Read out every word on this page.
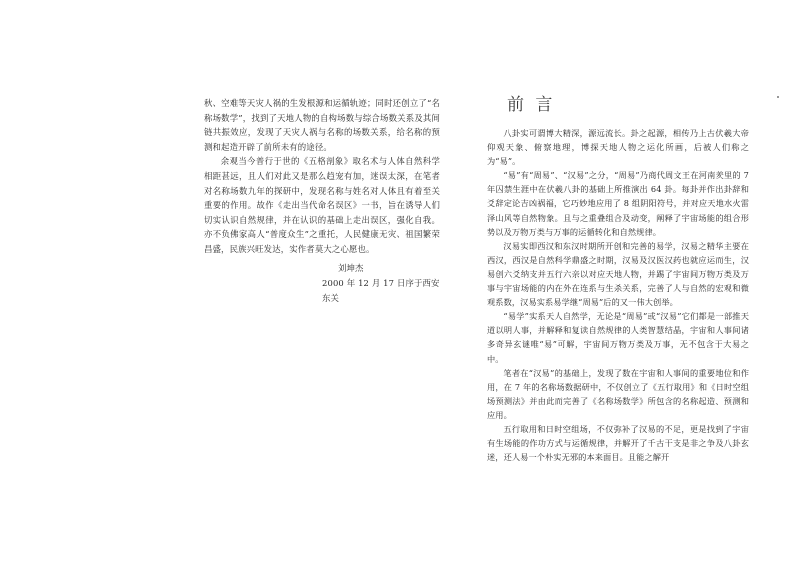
秋、空难等天灾人祸的生发根源和运循轨迹；同时还创立了“名称场数学”，找到了天地人物的自构场数与综合场数关系及其间链共振效应，发现了天灾人祸与名称的场数关系，给名称的预测和起造开辟了前所未有的途径。

余观当今普行于世的《五格剖象》取名术与人体自然科学相距甚远，且人们对此又是那么趋宠有加，迷误太深，在笔者对名称场数九年的探研中，发现名称与姓名对人体且有着至关重要的作用。故作《走出当代命名误区》一书，旨在诱导人们切实认识自然规律，并在认识的基础上走出误区，强化自我。亦不负佛家高人“普度众生”之重托，人民健康无灾、祖国繁荣昌盛，民族兴旺发达，实作者莫大之心愿也。

刘坤杰
2000 年 12 月 17 日序于西安东关
前 言

八卦实可谓博大精深，源远流长。卦之起源，相传乃上古伏羲大帝仰观天象、俯察地理，博探天地人物之运化所画，后被人们称之为“易”。

“易”有“周易”、“汉易”之分，“周易”乃商代周文王在河南羑里的 7 年囚禁生涯中在伏羲八卦的基础上所推演出 64 卦。每卦并作出卦辞和爻辞定论吉凶祸福，它巧妙地应用了 8 组阴阳符号，并对应天地水火雷泽山风等自然物象。且与之重叠组合及动变，阐释了宇宙场能的组合形势以及万物万类与万事的运循转化和自然规律。

汉易实即西汉和东汉时期所开创和完善的易学，汉易之精华主要在西汉，西汉是自然科学鼎盛之时期，汉易及汉医汉药也就应运而生，汉易创六爻纳支并五行六亲以对应天地人物，并踢了宇宙间万物万类及万事与宇宙场能的内在外在连系与生杀关系，完善了人与自然的宏观和微观系数，汉易实系易学继“周易”后的又一伟大创举。

“易学”实系天人自然学，无论是“周易”或“汉易”它们都是一部推天道以明人事，并解释和复读自然规律的人类智慧结晶，宇宙和人事间诸多奇异玄谜唯“易”可解，宇宙间万物万类及万事，无不包含于大易之中。

笔者在“汉易”的基础上，发现了数在宇宙和人事间的重要地位和作用，在 7 年的名称场数据研中，不仅创立了《五行取用》和《日时空组场预测法》并由此而完善了《名称场数学》所包含的名称起造、预测和应用。

五行取用和日时空组场，不仅弥补了汉易的不足，更是找到了宇宙有生场能的作功方式与运循规律，并解开了千古干支是非之争及八卦玄迷，还人易一个朴实无邪的本来面目。且能之解开
